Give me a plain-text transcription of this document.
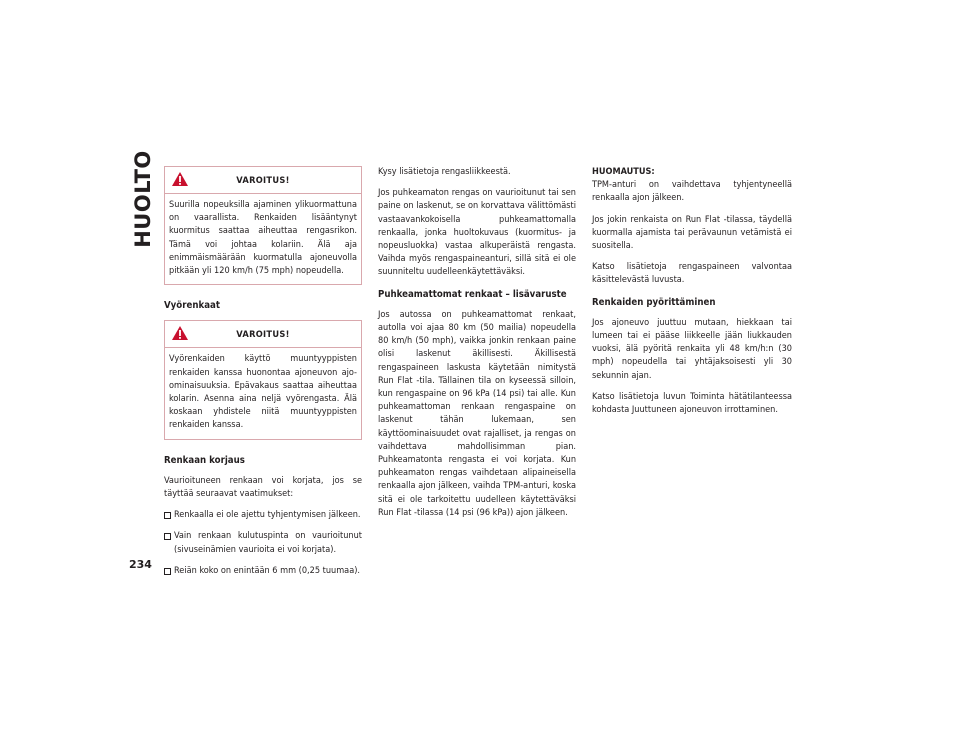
HUOLTO	VAROITUS!
Suurilla nopeuksilla ajaminen ylikuormattuna on vaarallista. Renkaiden lisääntynyt kuormitus saattaa aiheuttaa rengasrikon. Tämä voi johtaa kolariin. Älä aja enimmäismäärään kuormatulla ajoneuvolla pitkään yli 120 km/h (75 mph) nopeudella.
Vyörenkaat
VAROITUS!
Vyörenkaiden käyttö muuntyyppisten renkaiden kanssa huonontaa ajoneuvon ajo-ominaisuuksia. Epävakaus saattaa aiheuttaa kolarin. Asenna aina neljä vyörengasta. Älä koskaan yhdistele niitä muuntyyppisten renkaiden kanssa.
Renkaan korjaus

Vaurioituneen renkaan voi korjata, jos se täyttää seuraavat vaatimukset:

Renkaalla ei ole ajettu tyhjentymisen jälkeen.
Vain renkaan kulutuspinta on vaurioitunut (sivuseinämien vaurioita ei voi korjata).
Reiän koko on enintään 6 mm (0,25 tuumaa).

Kysy lisätietoja rengasliikkeestä.

Jos puhkeamaton rengas on vaurioitunut tai sen paine on laskenut, se on korvattava välittömästi vastaavankokoisella puhkeamattomalla renkaalla, jonka huoltokuvaus (kuormitus- ja nopeusluokka) vastaa alkuperäistä rengasta. Vaihda myös rengaspaineanturi, sillä sitä ei ole suunniteltu uudelleenkäytettäväksi.

Puhkeamattomat renkaat – lisävaruste

Jos autossa on puhkeamattomat renkaat, autolla voi ajaa 80 km (50 mailia) nopeudella 80 km/h (50 mph), vaikka jonkin renkaan paine olisi laskenut äkillisesti. Äkillisestä rengaspaineen laskusta käytetään nimitystä Run Flat -tila. Tällainen tila on kyseessä silloin, kun rengaspaine on 96 kPa (14 psi) tai alle. Kun puhkeamattoman renkaan rengaspaine on laskenut tähän lukemaan, sen käyttöominaisuudet ovat rajalliset, ja rengas on vaihdettava mahdollisimman pian. Puhkeamatonta rengasta ei voi korjata. Kun puhkeamaton rengas vaihdetaan alipaineisella renkaalla ajon jälkeen, vaihda TPM-anturi, koska sitä ei ole tarkoitettu uudelleen käytettäväksi Run Flat -tilassa (14 psi (96 kPa)) ajon jälkeen.

HUOMAUTUS:

TPM-anturi on vaihdettava tyhjentyneellä renkaalla ajon jälkeen.

Jos jokin renkaista on Run Flat -tilassa, täydellä kuormalla ajamista tai perävaunun vetämistä ei suositella.

Katso lisätietoja rengaspaineen valvontaa käsittelevästä luvusta.

Renkaiden pyörittäminen

Jos ajoneuvo juuttuu mutaan, hiekkaan tai lumeen tai ei pääse liikkeelle jään liukkauden vuoksi, älä pyöritä renkaita yli 48 km/h:n (30 mph) nopeudella tai yhtäjaksoisesti yli 30 sekunnin ajan.

Katso lisätietoja luvun Toiminta hätätilanteessa kohdasta Juuttuneen ajoneuvon irrottaminen.

234
